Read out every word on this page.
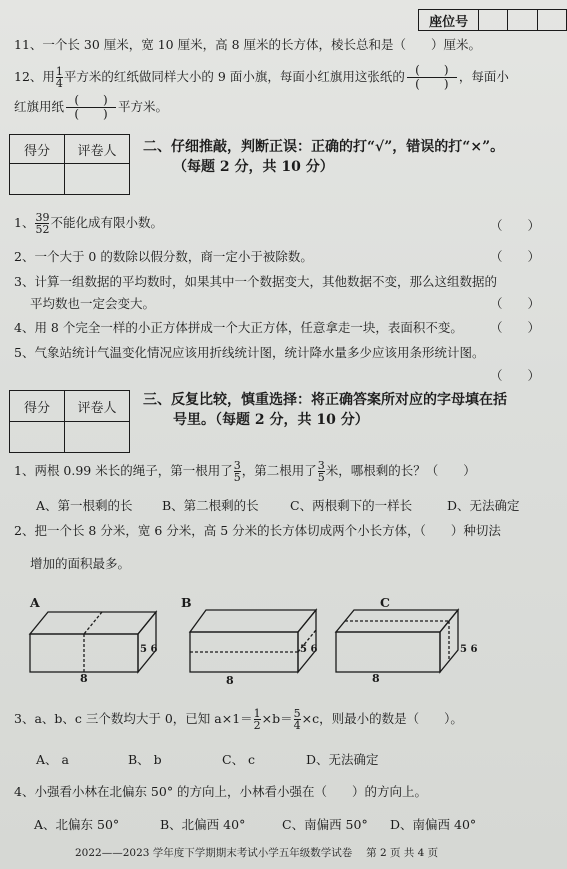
座位号			
11、一个长 30 厘米，宽 10 厘米，高 8 厘米的长方体，棱长总和是（　　）厘米。
12、用 $\frac{1}{4}$ 平方米的红纸做同样大小的 9 面小旗，每面小红旗用这张纸的 (　　)
(　　) ，每面小
红旗用纸 (　　)
(　　) 平方米。
得分	评卷人
	二、仔细推敲，判断正误：正确的打“√”，错误的打“×”。
（每题 2 分，共 10 分）
1、 $\frac{39}{52}$ 不能化成有限小数。	（　　）
2、一个大于 0 的数除以假分数，商一定小于被除数。	（　　）
3、计算一组数据的平均数时，如果其中一个数据变大，其他数据不变，那么这组数据的
平均数也一定会变大。	（　　）
4、用 8 个完全一样的小正方体拼成一个大正方体，任意拿走一块，表面积不变。 （　　）
5、气象站统计气温变化情况应该用折线统计图，统计降水量多少应该用条形统计图。
（　　）
得分	评卷人
	三、反复比较，慎重选择：将正确答案所对应的字母填在括
号里。（每题 2 分，共 10 分）
1、两根 0.99 米长的绳子，第一根用了 $\frac{3}{5}$ ，第二根用了 $\frac{3}{5}$ 米，哪根剩的长？（　　）
A、第一根剩的长 B、第二根剩的长	C、两根剩下的一样长	D、无法确定
2、把一个长 8 分米，宽 6 分米，高 5 分米的长方体切成两个小长方体，（　　）种切法
增加的面积最多。
A	B	C
5 6	5 6	5 6
8	8	8
3、a、b、c 三个数均大于 0，已知 $a\times 1= \frac{1}{2} \times b= \frac{5}{4} \times c$，则最小的数是（　　）。
A、 a	B、 b	C、 c	D、无法确定
4、小强看小林在北偏东 50° 的方向上，小林看小强在（　　）的方向上。
A、北偏东 50°	B、北偏西 40°	C、南偏西 50° D、南偏西 40°
2022——2023 学年度下学期期末考试小学五年级数学试卷　 第 2 页 共 4 页
